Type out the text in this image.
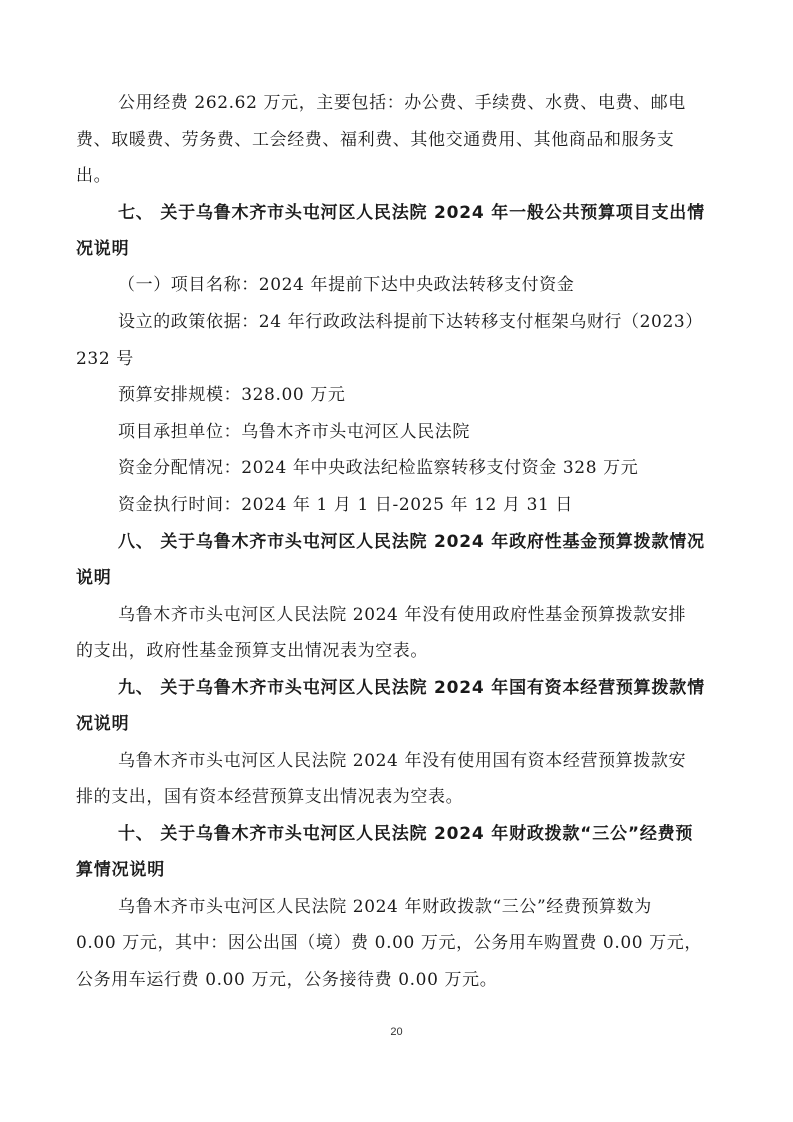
公用经费 262.62 万元，主要包括：办公费、手续费、水费、电费、邮电
费、取暖费、劳务费、工会经费、福利费、其他交通费用、其他商品和服务支
出。
七、 关于乌鲁木齐市头屯河区人民法院 2024 年一般公共预算项目支出情
况说明
（一）项目名称：2024 年提前下达中央政法转移支付资金
设立的政策依据：24 年行政政法科提前下达转移支付框架乌财行（2023）
232 号
预算安排规模：328.00 万元
项目承担单位：乌鲁木齐市头屯河区人民法院
资金分配情况：2024 年中央政法纪检监察转移支付资金 328 万元
资金执行时间：2024 年 1 月 1 日-2025 年 12 月 31 日
八、 关于乌鲁木齐市头屯河区人民法院 2024 年政府性基金预算拨款情况
说明
乌鲁木齐市头屯河区人民法院 2024 年没有使用政府性基金预算拨款安排
的支出，政府性基金预算支出情况表为空表。
九、 关于乌鲁木齐市头屯河区人民法院 2024 年国有资本经营预算拨款情
况说明
乌鲁木齐市头屯河区人民法院 2024 年没有使用国有资本经营预算拨款安
排的支出，国有资本经营预算支出情况表为空表。
十、 关于乌鲁木齐市头屯河区人民法院 2024 年财政拨款“三公”经费预
算情况说明
乌鲁木齐市头屯河区人民法院 2024 年财政拨款“三公”经费预算数为
0.00 万元，其中：因公出国（境）费 0.00 万元，公务用车购置费 0.00 万元，
公务用车运行费 0.00 万元，公务接待费 0.00 万元。
20
